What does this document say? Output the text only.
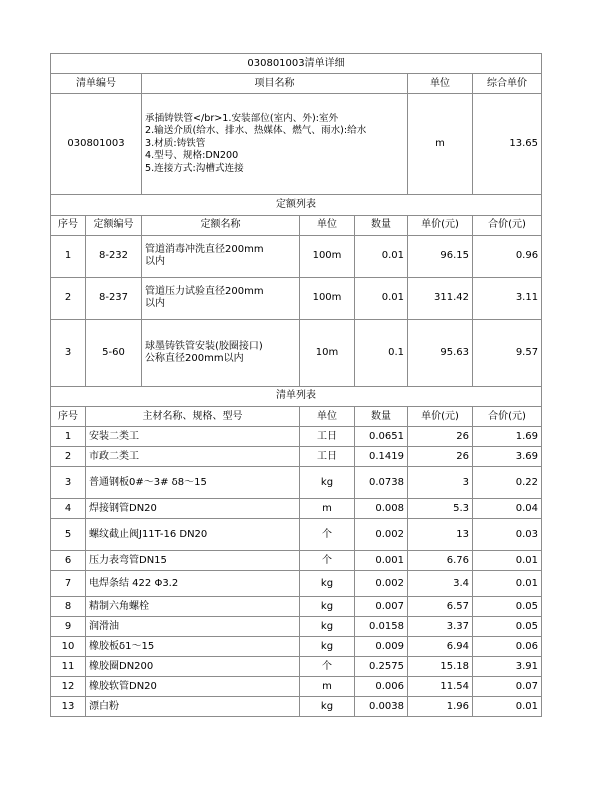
030801003清单详细			
清单编号	项目名称	单位	综合单价
030801003	承插铸铁管</br>1.安装部位(室内、外):室外
2.输送介质(给水、排水、热媒体、燃气、雨水):给水
3.材质:铸铁管
4.型号、规格:DN200
5.连接方式:沟槽式连接	m	13.65
定额列表						
序号	定额编号	定额名称	单位	数量	单价(元)	合价(元)
1	8-232	管道消毒冲洗直径200mm
以内	100m	0.01	96.15	0.96
2	8-237	管道压力试验直径200mm
以内	100m	0.01	311.42	3.11
3	5-60	球墨铸铁管安装(胶圈接口)
公称直径200mm以内	10m	0.1	95.63	9.57
清单列表					
序号	主材名称、规格、型号	单位	数量	单价(元)	合价(元)
1	安装二类工	工日	0.0651	26	1.69
2	市政二类工	工日	0.1419	26	3.69
3	普通钢板0#～3# δ8～15	kg	0.0738	3	0.22
4	焊接钢管DN20	m	0.008	5.3	0.04
5	螺纹截止阀J11T-16 DN20	个	0.002	13	0.03
6	压力表弯管DN15	个	0.001	6.76	0.01
7	电焊条结 422 Φ3.2	kg	0.002	3.4	0.01
8	精制六角螺栓	kg	0.007	6.57	0.05
9	润滑油	kg	0.0158	3.37	0.05
10	橡胶板δ1～15	kg	0.009	6.94	0.06
11	橡胶圈DN200	个	0.2575	15.18	3.91
12	橡胶软管DN20	m	0.006	11.54	0.07
13	漂白粉	kg	0.0038	1.96	0.01
